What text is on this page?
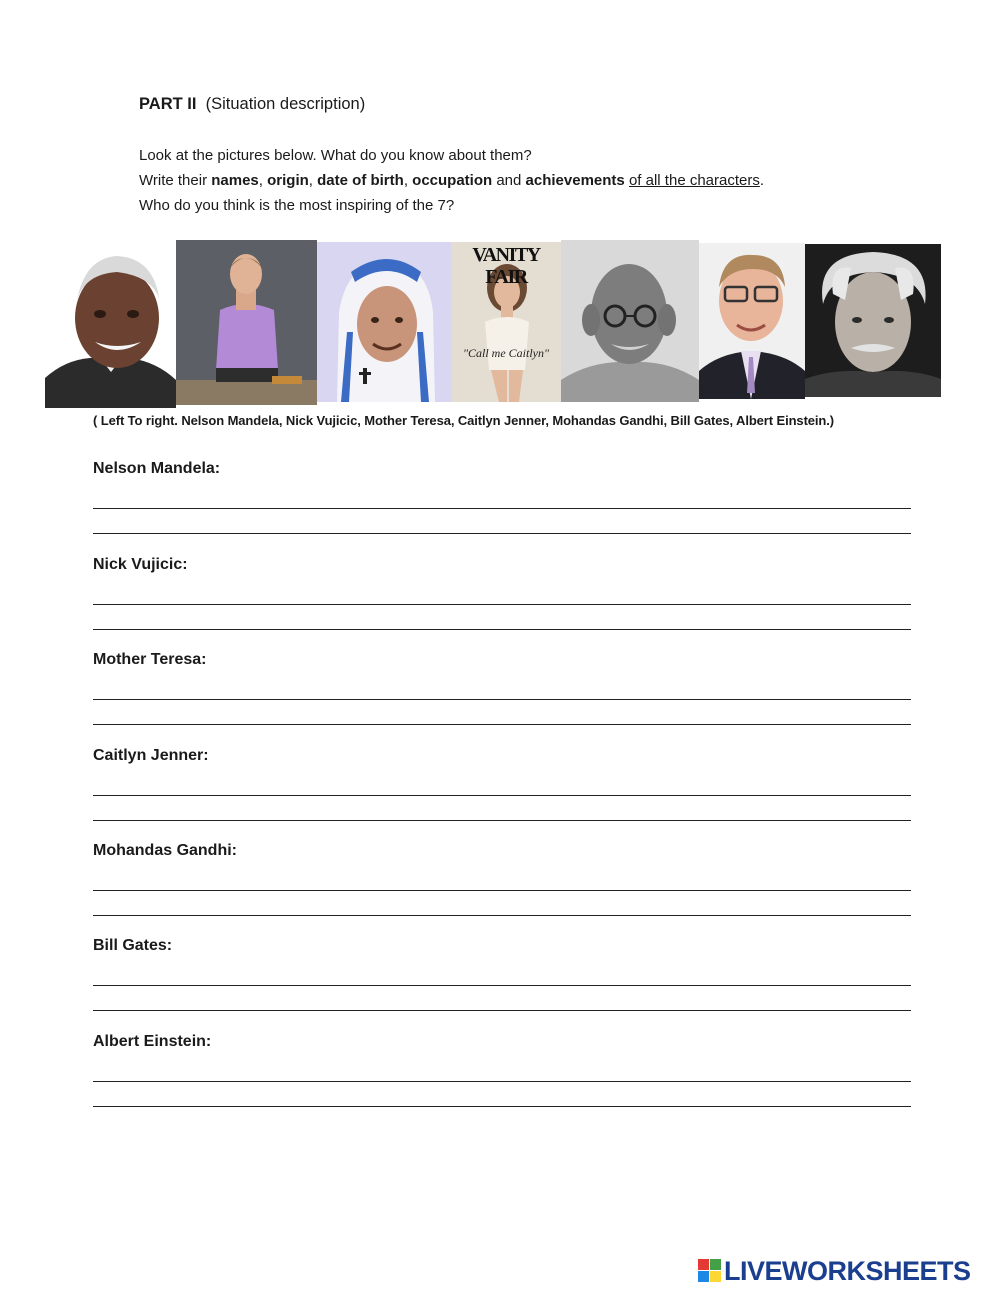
PART II (Situation description)
Look at the pictures below. What do you know about them?
Write their names, origin, date of birth, occupation and achievements of all the characters.
Who do you think is the most inspiring of the 7?
VANITY FAIR
"Call me Caitlyn"
( Left To right. Nelson Mandela, Nick Vujicic, Mother Teresa, Caitlyn Jenner, Mohandas Gandhi, Bill Gates, Albert Einstein.)
Nelson Mandela:
Nick Vujicic:
Mother Teresa:
Caitlyn Jenner:
Mohandas Gandhi:
Bill Gates:
Albert Einstein:
LIVEWORKSHEETS
